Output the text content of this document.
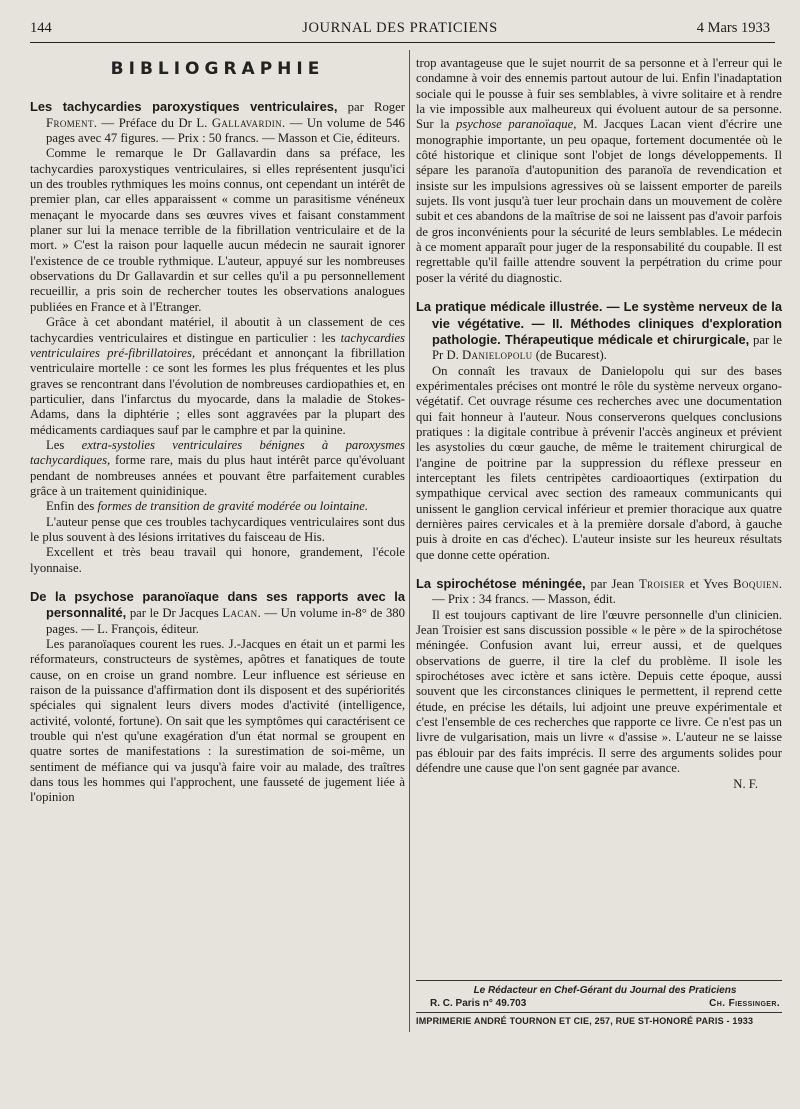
144	JOURNAL DES PRATICIENS	4 Mars 1933
BIBLIOGRAPHIE
Les tachycardies paroxystiques ventriculaires, par Roger Froment. — Préface du Dr L. Gallavardin. — Un volume de 546 pages avec 47 figures. — Prix : 50 francs. — Masson et Cie, éditeurs.

Comme le remarque le Dr Gallavardin dans sa préface, les tachycardies paroxystiques ventriculaires, si elles représentent jusqu'ici un des troubles rythmiques les moins connus, ont cependant un intérêt de premier plan, car elles apparaissent « comme un parasitisme vénéneux menaçant le myocarde dans ses œuvres vives et faisant constamment planer sur lui la menace terrible de la fibrillation ventriculaire et de la mort. » C'est la raison pour laquelle aucun médecin ne saurait ignorer l'existence de ce trouble rythmique. L'auteur, appuyé sur les nombreuses observations du Dr Gallavardin et sur celles qu'il a pu personnellement recueillir, a pris soin de rechercher toutes les observations analogues publiées en France et à l'Etranger.

Grâce à cet abondant matériel, il aboutit à un classement de ces tachycardies ventriculaires et distingue en particulier : les tachycardies ventriculaires pré-fibrillatoires, précédant et annonçant la fibrillation ventriculaire mortelle : ce sont les formes les plus fréquentes et les plus graves se rencontrant dans l'évolution de nombreuses cardiopathies et, en particulier, dans l'infarctus du myocarde, dans la maladie de Stokes-Adams, dans la diphtérie ; elles sont aggravées par la plupart des médicaments cardiaques sauf par le camphre et par la quinine.

Les extra-systolies ventriculaires bénignes à paroxysmes tachycardiques, forme rare, mais du plus haut intérêt parce qu'évoluant pendant de nombreuses années et pouvant être parfaitement curables grâce à un traitement quinidinique.

Enfin des formes de transition de gravité modérée ou lointaine.

L'auteur pense que ces troubles tachycardiques ventriculaires sont dus le plus souvent à des lésions irritatives du faisceau de His.

Excellent et très beau travail qui honore, grandement, l'école lyonnaise.

De la psychose paranoïaque dans ses rapports avec la personnalité, par le Dr Jacques Lacan. — Un volume in-8° de 380 pages. — L. François, éditeur.

Les paranoïaques courent les rues. J.-Jacques en était un et parmi les réformateurs, constructeurs de systèmes, apôtres et fanatiques de toute cause, on en croise un grand nombre. Leur influence est sérieuse en raison de la puissance d'affirmation dont ils disposent et des supériorités spéciales qui signalent leurs divers modes d'activité (intelligence, activité, volonté, fortune). On sait que les symptômes qui caractérisent ce trouble qui n'est qu'une exagération d'un état normal se groupent en quatre sortes de manifestations : la surestimation de soi-même, un sentiment de méfiance qui va jusqu'à faire voir au malade, des traîtres dans tous les hommes qui l'approchent, une fausseté de jugement liée à l'opinion

trop avantageuse que le sujet nourrit de sa personne et à l'erreur qui le condamne à voir des ennemis partout autour de lui. Enfin l'inadaptation sociale qui le pousse à fuir ses semblables, à vivre solitaire et à rendre la vie impossible aux malheureux qui évoluent autour de sa personne. Sur la psychose paranoïaque, M. Jacques Lacan vient d'écrire une monographie importante, un peu opaque, fortement documentée où le côté historique et clinique sont l'objet de longs développements. Il sépare les paranoïa d'autopunition des paranoïa de revendication et insiste sur les impulsions agressives où se laissent emporter de pareils sujets. Ils vont jusqu'à tuer leur prochain dans un mouvement de colère subit et ces abandons de la maîtrise de soi ne laissent pas d'avoir parfois de gros inconvénients pour la sécurité de leurs semblables. Le médecin à ce moment apparaît pour juger de la responsabilité du coupable. Il est regrettable qu'il faille attendre souvent la perpétration du crime pour poser la vérité du diagnostic.

La pratique médicale illustrée. — Le système nerveux de la vie végétative. — II. Méthodes cliniques d'exploration pathologie. Thérapeutique médicale et chirurgicale, par le Pr D. Danielopolu (de Bucarest).

On connaît les travaux de Danielopolu qui sur des bases expérimentales précises ont montré le rôle du système nerveux organo-végétatif. Cet ouvrage résume ces recherches avec une documentation qui fait honneur à l'auteur. Nous conserverons quelques conclusions pratiques : la digitale contribue à prévenir l'accès angineux et prévient les asystolies du cœur gauche, de même le traitement chirurgical de l'angine de poitrine par la suppression du réflexe presseur en interceptant les filets centripètes cardioaortiques (extirpation du sympathique cervical avec section des rameaux communicants qui unissent le ganglion cervical inférieur et premier thoracique aux quatre dernières paires cervicales et à la première dorsale d'abord, à gauche puis à droite en cas d'échec). L'auteur insiste sur les heureux résultats que donne cette opération.

La spirochétose méningée, par Jean Troisier et Yves Boquien. — Prix : 34 francs. — Masson, édit.

Il est toujours captivant de lire l'œuvre personnelle d'un clinicien. Jean Troisier est sans discussion possible « le père » de la spirochétose méningée. Confusion avant lui, erreur aussi, et de quelques observations de guerre, il tire la clef du problème. Il isole les spirochétoses avec ictère et sans ictère. Depuis cette époque, aussi souvent que les circonstances cliniques le permettent, il reprend cette étude, en précise les détails, lui adjoint une preuve expérimentale et c'est l'ensemble de ces recherches que rapporte ce livre. Ce n'est pas un livre de vulgarisation, mais un livre « d'assise ». L'auteur ne se laisse pas éblouir par des faits imprécis. Il serre des arguments solides pour défendre une cause que l'on sent gagnée par avance.

N. F.
Le Rédacteur en Chef-Gérant du Journal des Praticiens
R. C. Paris n° 49.703	Ch. Fiessinger.
IMPRIMERIE ANDRÉ TOURNON ET CIE, 257, RUE ST-HONORÉ PARIS - 1933
